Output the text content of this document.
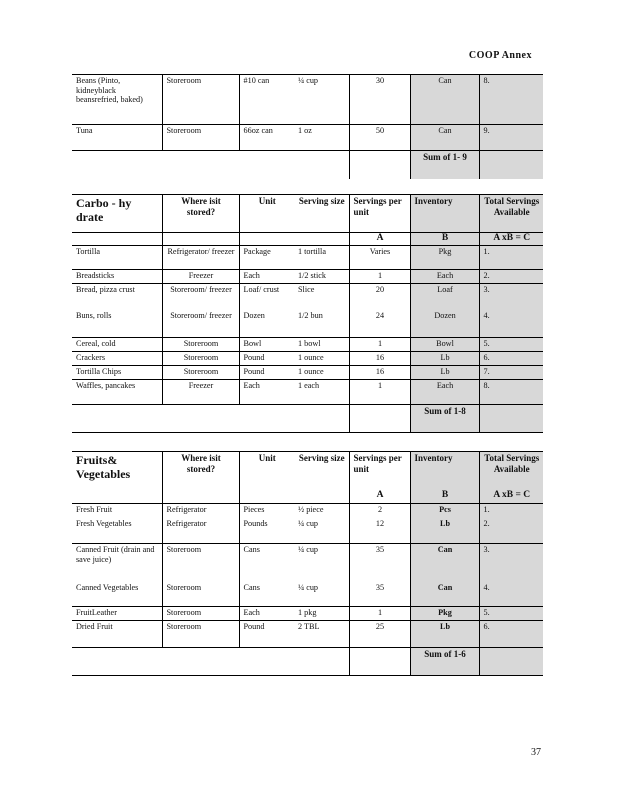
COOP Annex
Beans (Pinto, kidneyblack beansrefried, baked)	Storeroom	#10 can	¼ cup	30	Can	8.
Tuna	Storeroom	66oz can	1 oz	50	Can	9.

					Sum of 1- 9	

Carbo - hy drate	Where isit stored?	Unit	Serving size	Servings per unit	Inventory	Total Servings Available
				A	B	A xB = C
Tortilla	Refrigerator/ freezer	Package	1 tortilla	Varies	Pkg	1.
Breadsticks	Freezer	Each	1/2 stick	1	Each	2.
Bread, pizza crust	Storeroom/ freezer	Loaf/ crust	Slice	20	Loaf	3.
Buns, rolls	Storeroom/ freezer	Dozen	1/2 bun	24	Dozen	4.
Cereal, cold	Storeroom	Bowl	1 bowl	1	Bowl	5.
Crackers	Storeroom	Pound	1 ounce	16	Lb	6.
Tortilla Chips	Storeroom	Pound	1 ounce	16	Lb	7.
Waffles, pancakes	Freezer	Each	1 each	1	Each	8.

					Sum of 1-8	

Fruits& Vegetables	Where isit stored?	Unit	Serving size	Servings per unit	Inventory	Total Servings Available
				A	B	A xB = C
Fresh Fruit	Refrigerator	Pieces	½ piece	2	Pcs	1.
Fresh Vegetables	Refrigerator	Pounds	¼ cup	12	Lb	2.
Canned Fruit (drain and save juice)	Storeroom	Cans	¼ cup	35	Can	3.
Canned Vegetables	Storeroom	Cans	¼ cup	35	Can	4.
FruitLeather	Storeroom	Each	1 pkg	1	Pkg	5.
Dried Fruit	Storeroom	Pound	2 TBL	25	Lb	6.

					Sum of 1-6	

37
